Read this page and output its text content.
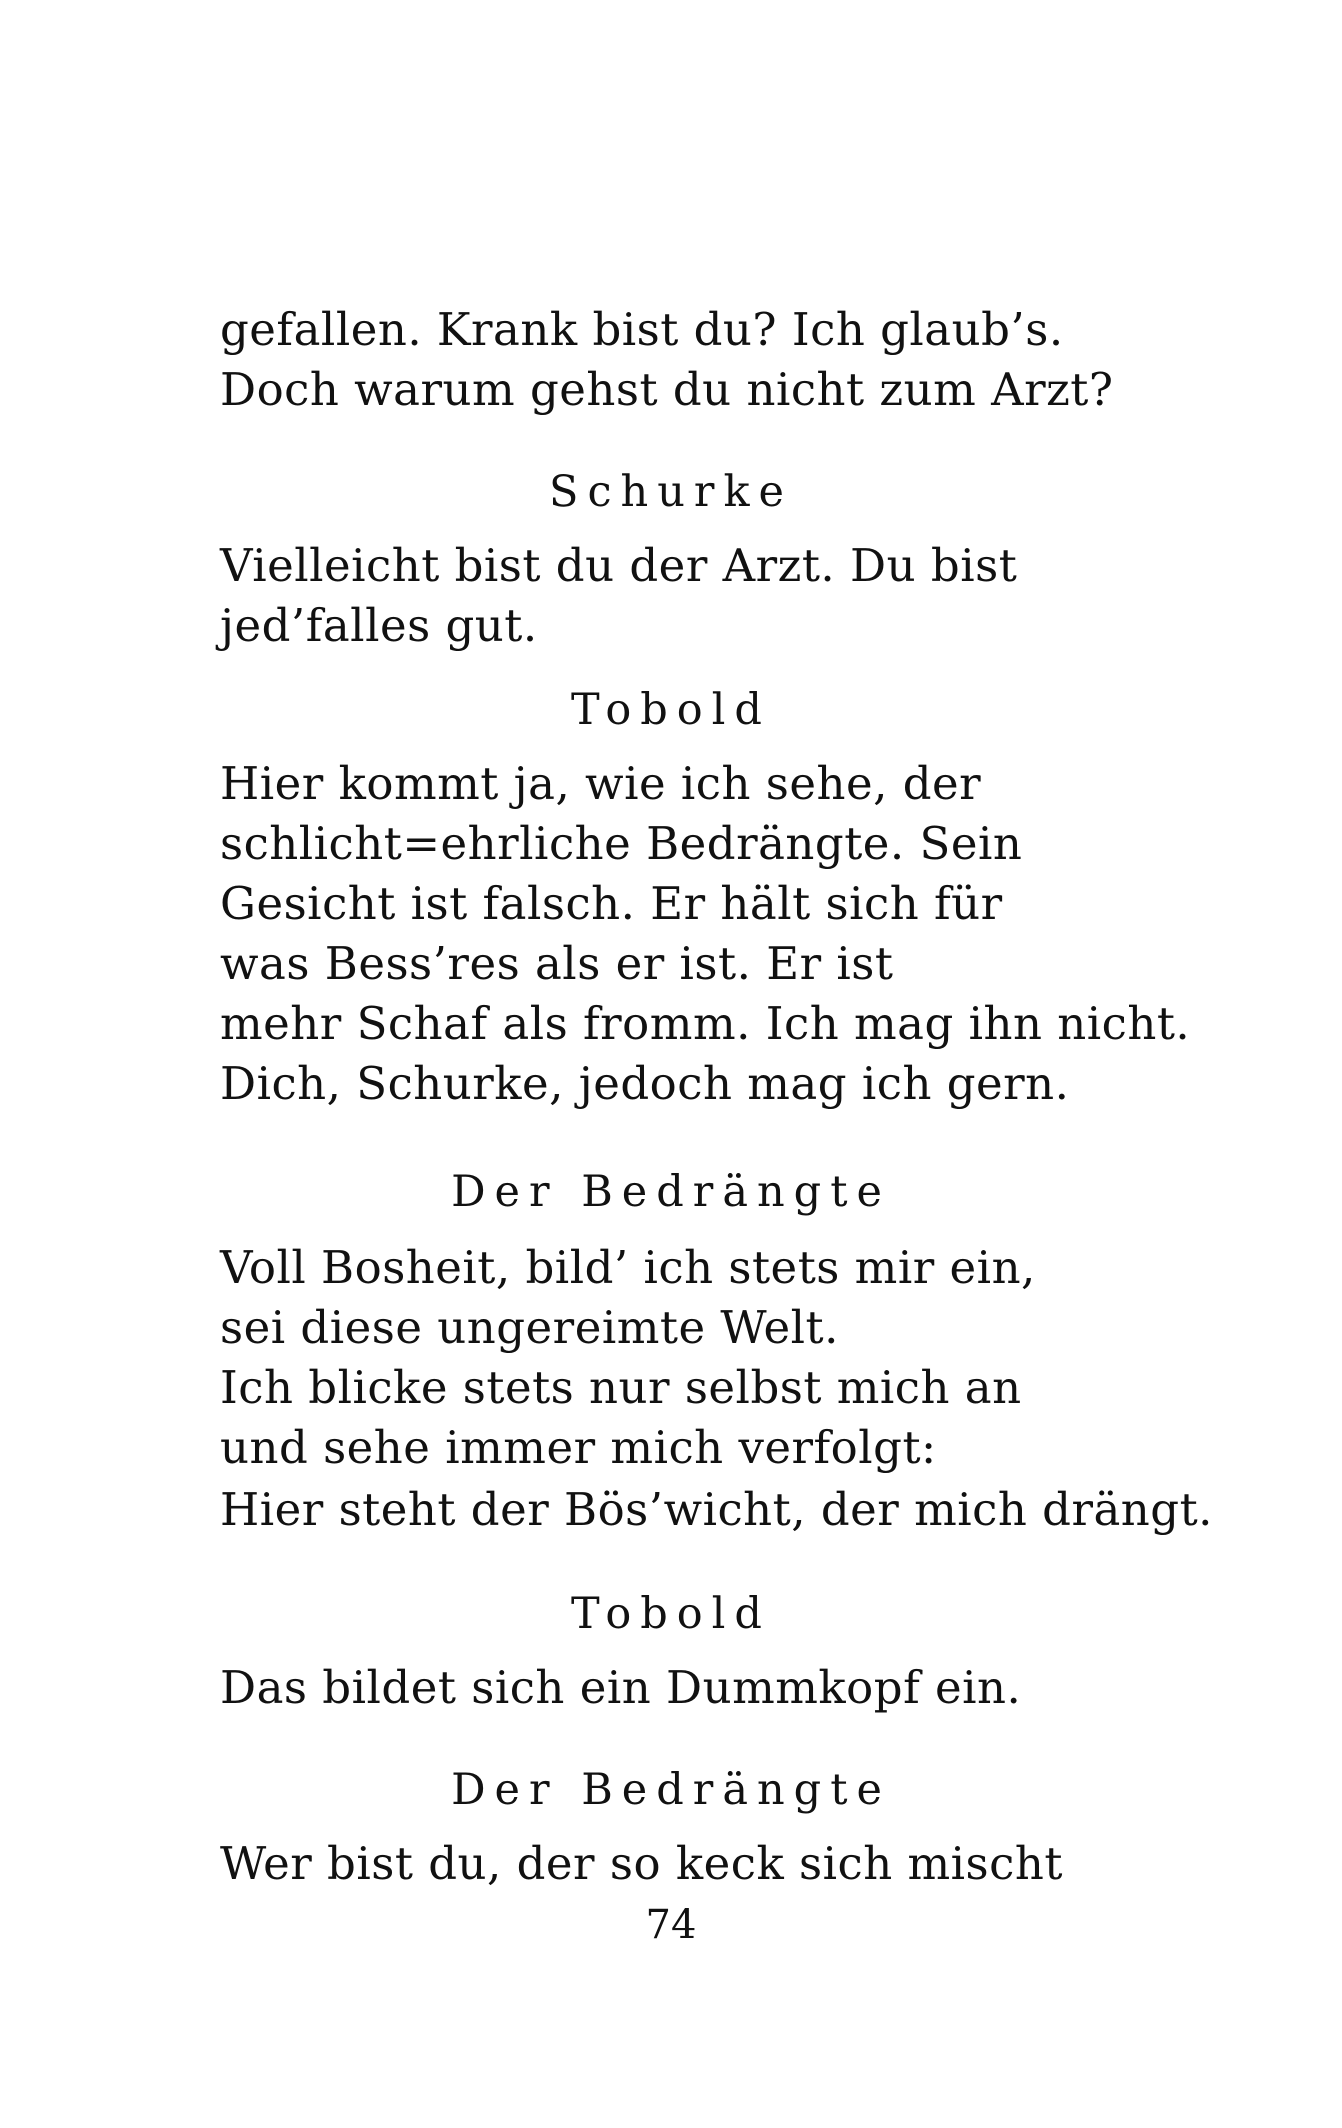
gefallen. Krank bist du? Ich glaub’s.
Doch warum gehst du nicht zum Arzt?
Schurke
Vielleicht bist du der Arzt. Du bist
jed’falles gut.
Tobold
Hier kommt ja, wie ich sehe, der
schlicht=ehrliche Bedrängte. Sein
Gesicht ist falsch. Er hält sich für
was Bess’res als er ist. Er ist
mehr Schaf als fromm. Ich mag ihn nicht.
Dich, Schurke, jedoch mag ich gern.
Der Bedrängte
Voll Bosheit, bild’ ich stets mir ein,
sei diese ungereimte Welt.
Ich blicke stets nur selbst mich an
und sehe immer mich verfolgt:
Hier steht der Bös’wicht, der mich drängt.
Tobold
Das bildet sich ein Dummkopf ein.
Der Bedrängte
Wer bist du, der so keck sich mischt
74
